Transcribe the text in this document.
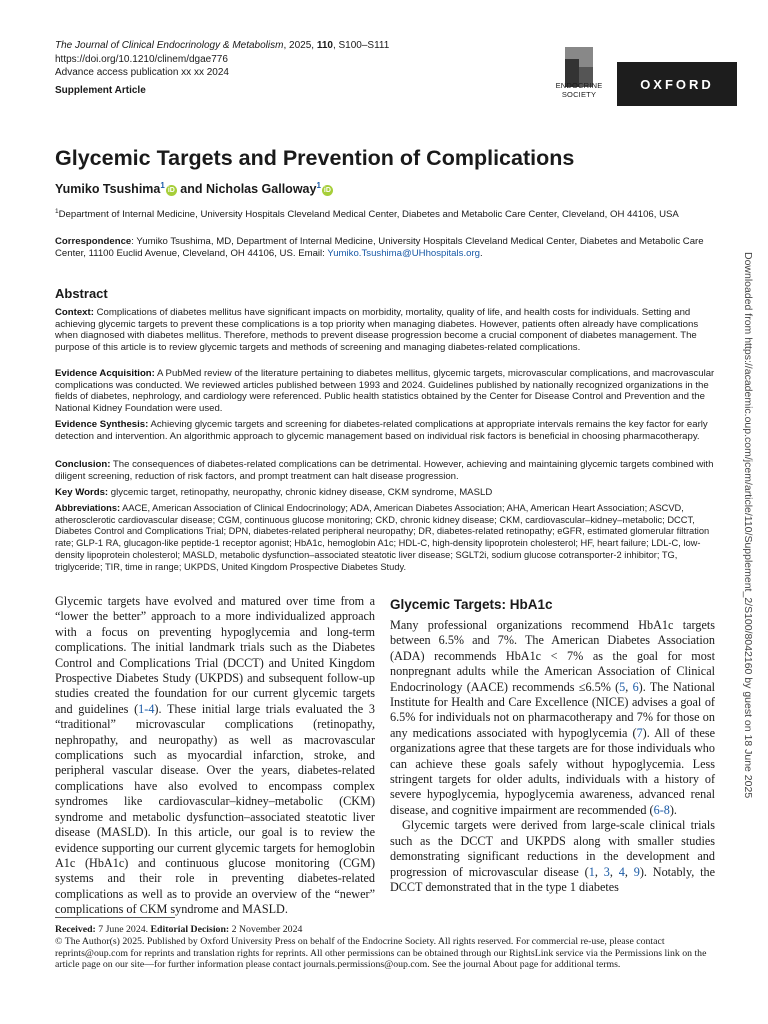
The Journal of Clinical Endocrinology & Metabolism, 2025, 110, S100–S111
https://doi.org/10.1210/clinem/dgae776
Advance access publication xx xx 2024
Supplement Article	ENDOCRINE
SOCIETY
OXFORD
Glycemic Targets and Prevention of Complications
Yumiko Tsushima$^1$iD and Nicholas Galloway$^1$iD
$^1$Department of Internal Medicine, University Hospitals Cleveland Medical Center, Diabetes and Metabolic Care Center, Cleveland, OH 44106, USA
Correspondence: Yumiko Tsushima, MD, Department of Internal Medicine, University Hospitals Cleveland Medical Center, Diabetes and Metabolic Care Center, 11100 Euclid Avenue, Cleveland, OH 44106, US. Email: Yumiko.Tsushima@UHhospitals.org.	Downloaded from https://academic.oup.com/jcem/article/110/Supplement_2/S100/8042160 by guest on 18 June 2025
Abstract
Context: Complications of diabetes mellitus have significant impacts on morbidity, mortality, quality of life, and health costs for individuals. Setting and achieving glycemic targets to prevent these complications is a top priority when managing diabetes. However, patients often already have complications when diagnosed with diabetes mellitus. Therefore, methods to prevent disease progression become a crucial component of diabetes management. The purpose of this article is to review glycemic targets and methods of screening and managing diabetes-related complications.
Evidence Acquisition: A PubMed review of the literature pertaining to diabetes mellitus, glycemic targets, microvascular complications, and macrovascular complications was conducted. We reviewed articles published between 1993 and 2024. Guidelines published by nationally recognized organizations in the fields of diabetes, nephrology, and cardiology were referenced. Public health statistics obtained by the Center for Disease Control and Prevention and the National Kidney Foundation were used.
Evidence Synthesis: Achieving glycemic targets and screening for diabetes-related complications at appropriate intervals remains the key factor for early detection and intervention. An algorithmic approach to glycemic management based on individual risk factors is beneficial in choosing pharmacotherapy.
Conclusion: The consequences of diabetes-related complications can be detrimental. However, achieving and maintaining glycemic targets combined with diligent screening, reduction of risk factors, and prompt treatment can halt disease progression.
Key Words: glycemic target, retinopathy, neuropathy, chronic kidney disease, CKM syndrome, MASLD
Abbreviations: AACE, American Association of Clinical Endocrinology; ADA, American Diabetes Association; AHA, American Heart Association; ASCVD, atherosclerotic cardiovascular disease; CGM, continuous glucose monitoring; CKD, chronic kidney disease; CKM, cardiovascular–kidney–metabolic; DCCT, Diabetes Control and Complications Trial; DPN, diabetes-related peripheral neuropathy; DR, diabetes-related retinopathy; eGFR, estimated glomerular filtration rate; GLP-1 RA, glucagon-like peptide-1 receptor agonist; HbA1c, hemoglobin A1c; HDL-C, high-density lipoprotein cholesterol; HF, heart failure; LDL-C, low-density lipoprotein cholesterol; MASLD, metabolic dysfunction–associated steatotic liver disease; SGLT2i, sodium glucose cotransporter-2 inhibitor; TG, triglyceride; TIR, time in range; UKPDS, United Kingdom Prospective Diabetes Study.

Glycemic targets have evolved and matured over time from a “lower the better” approach to a more individualized approach with a focus on preventing hypoglycemia and long-term complications. The initial landmark trials such as the Diabetes Control and Complications Trial (DCCT) and United Kingdom Prospective Diabetes Study (UKPDS) and subsequent follow-up studies created the foundation for our current glycemic targets and guidelines (1-4). These initial large trials evaluated the 3 “traditional” microvascular complications (retinopathy, nephropathy, and neuropathy) as well as macrovascular complications such as myocardial infarction, stroke, and peripheral vascular disease. Over the years, diabetes-related complications have also evolved to encompass complex syndromes like cardiovascular–kidney–metabolic (CKM) syndrome and metabolic dysfunction–associated steatotic liver disease (MASLD). In this article, our goal is to review the evidence supporting our current glycemic targets for hemoglobin A1c (HbA1c) and continuous glucose monitoring (CGM) systems and their role in preventing diabetes-related complications as well as to provide an overview of the “newer” complications of CKM syndrome and MASLD.

Glycemic Targets: HbA1c

Many professional organizations recommend HbA1c targets between 6.5% and 7%. The American Diabetes Association (ADA) recommends HbA1c < 7% as the goal for most nonpregnant adults while the American Association of Clinical Endocrinology (AACE) recommends ≤6.5% (5, 6). The National Institute for Health and Care Excellence (NICE) advises a goal of 6.5% for individuals not on pharmacotherapy and 7% for those on any medications associated with hypoglycemia (7). All of these organizations agree that these targets are for those individuals who can achieve these goals safely without hypoglycemia. Less stringent targets for older adults, individuals with a history of severe hypoglycemia, hypoglycemia awareness, advanced renal disease, and cognitive impairment are recommended (6-8).

Glycemic targets were derived from large-scale clinical trials such as the DCCT and UKPDS along with smaller studies demonstrating significant reductions in the development and progression of microvascular disease (1, 3, 4, 9). Notably, the DCCT demonstrated that in the type 1 diabetes

Received: 7 June 2024. Editorial Decision: 2 November 2024
© The Author(s) 2025. Published by Oxford University Press on behalf of the Endocrine Society. All rights reserved. For commercial re-use, please contact reprints@oup.com for reprints and translation rights for reprints. All other permissions can be obtained through our RightsLink service via the Permissions link on the article page on our site—for further information please contact journals.permissions@oup.com. See the journal About page for additional terms.
